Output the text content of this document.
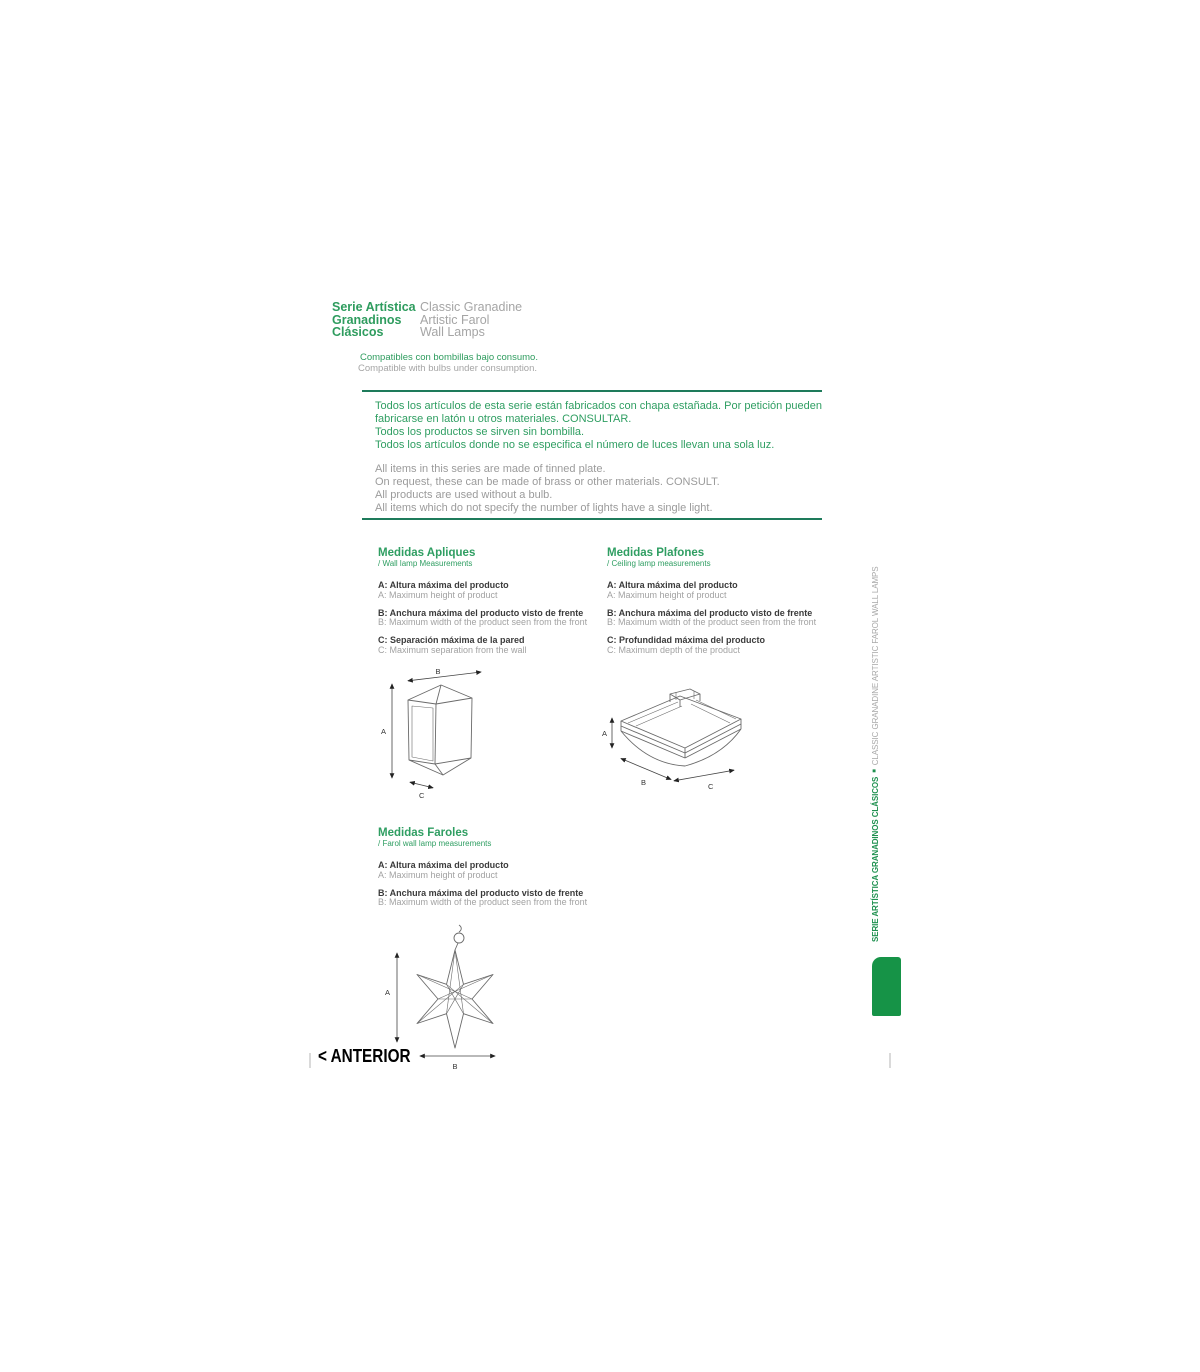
Serie Artística
Granadinos
Clásicos
Classic Granadine
Artistic Farol
Wall Lamps
Compatibles con bombillas bajo consumo.
Compatible with bulbs under consumption.
Todos los artículos de esta serie están fabricados con chapa estañada. Por petición pueden
fabricarse en latón u otros materiales. CONSULTAR.
Todos los productos se sirven sin bombilla.
Todos los artículos donde no se especifica el número de luces llevan una sola luz.
All items in this series are made of tinned plate.
On request, these can be made of brass or other materials. CONSULT.
All products are used without a bulb.
All items which do not specify the number of lights have a single light.
Medidas Apliques
/ Wall lamp Measurements
A: Altura máxima del producto
A: Maximum height of product
B: Anchura máxima del producto visto de frente
B: Maximum width of the product seen from the front
C: Separación máxima de la pared
C: Maximum separation from the wall
Medidas Plafones
/ Ceiling lamp measurements
A: Altura máxima del producto
A: Maximum height of product
B: Anchura máxima del producto visto de frente
B: Maximum width of the product seen from the front
C: Profundidad máxima del producto
C: Maximum depth of the product
B
A
C
A
B	C
Medidas Faroles
/ Farol wall lamp measurements
A: Altura máxima del producto
A: Maximum height of product
B: Anchura máxima del producto visto de frente
B: Maximum width of the product seen from the front
A
B
SERIE ARTÍSTICA GRANADINOS CLÁSICOS
■
CLASSIC GRANADINE ARTISTIC FAROL WALL LAMPS
< ANTERIOR
